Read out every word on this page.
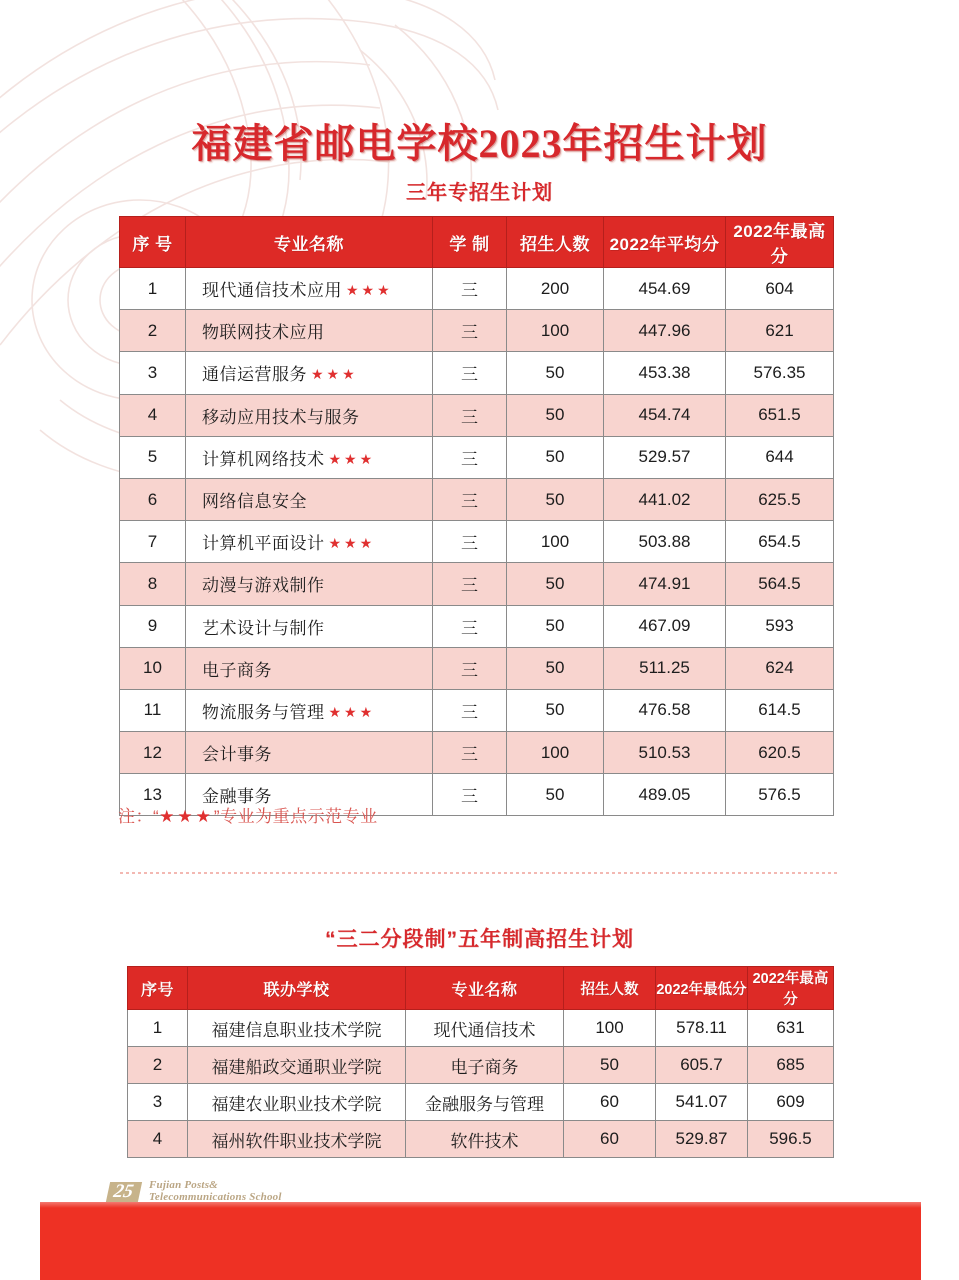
福建省邮电学校2023年招生计划
三年专招生计划
序 号	专业名称	学 制	招生人数	2022年平均分	2022年最高分
1	现代通信技术应用 ★★★	三	200	454.69	604
2	物联网技术应用	三	100	447.96	621
3	通信运营服务 ★★★	三	50	453.38	576.35
4	移动应用技术与服务	三	50	454.74	651.5
5	计算机网络技术 ★★★	三	50	529.57	644
6	网络信息安全	三	50	441.02	625.5
7	计算机平面设计 ★★★	三	100	503.88	654.5
8	动漫与游戏制作	三	50	474.91	564.5
9	艺术设计与制作	三	50	467.09	593
10	电子商务	三	50	511.25	624
11	物流服务与管理 ★★★	三	50	476.58	614.5
12	会计事务	三	100	510.53	620.5
13	金融事务	三	50	489.05	576.5
注：“★★★”专业为重点示范专业
“三二分段制”五年制高招生计划
序号	联办学校	专业名称	招生人数	2022年最低分	2022年最高分
1	福建信息职业技术学院	现代通信技术	100	578.11	631
2	福建船政交通职业学院	电子商务	50	605.7	685
3	福建农业职业技术学院	金融服务与管理	60	541.07	609
4	福州软件职业技术学院	软件技术	60	529.87	596.5
25	Fujian Posts&
Telecommunications School
